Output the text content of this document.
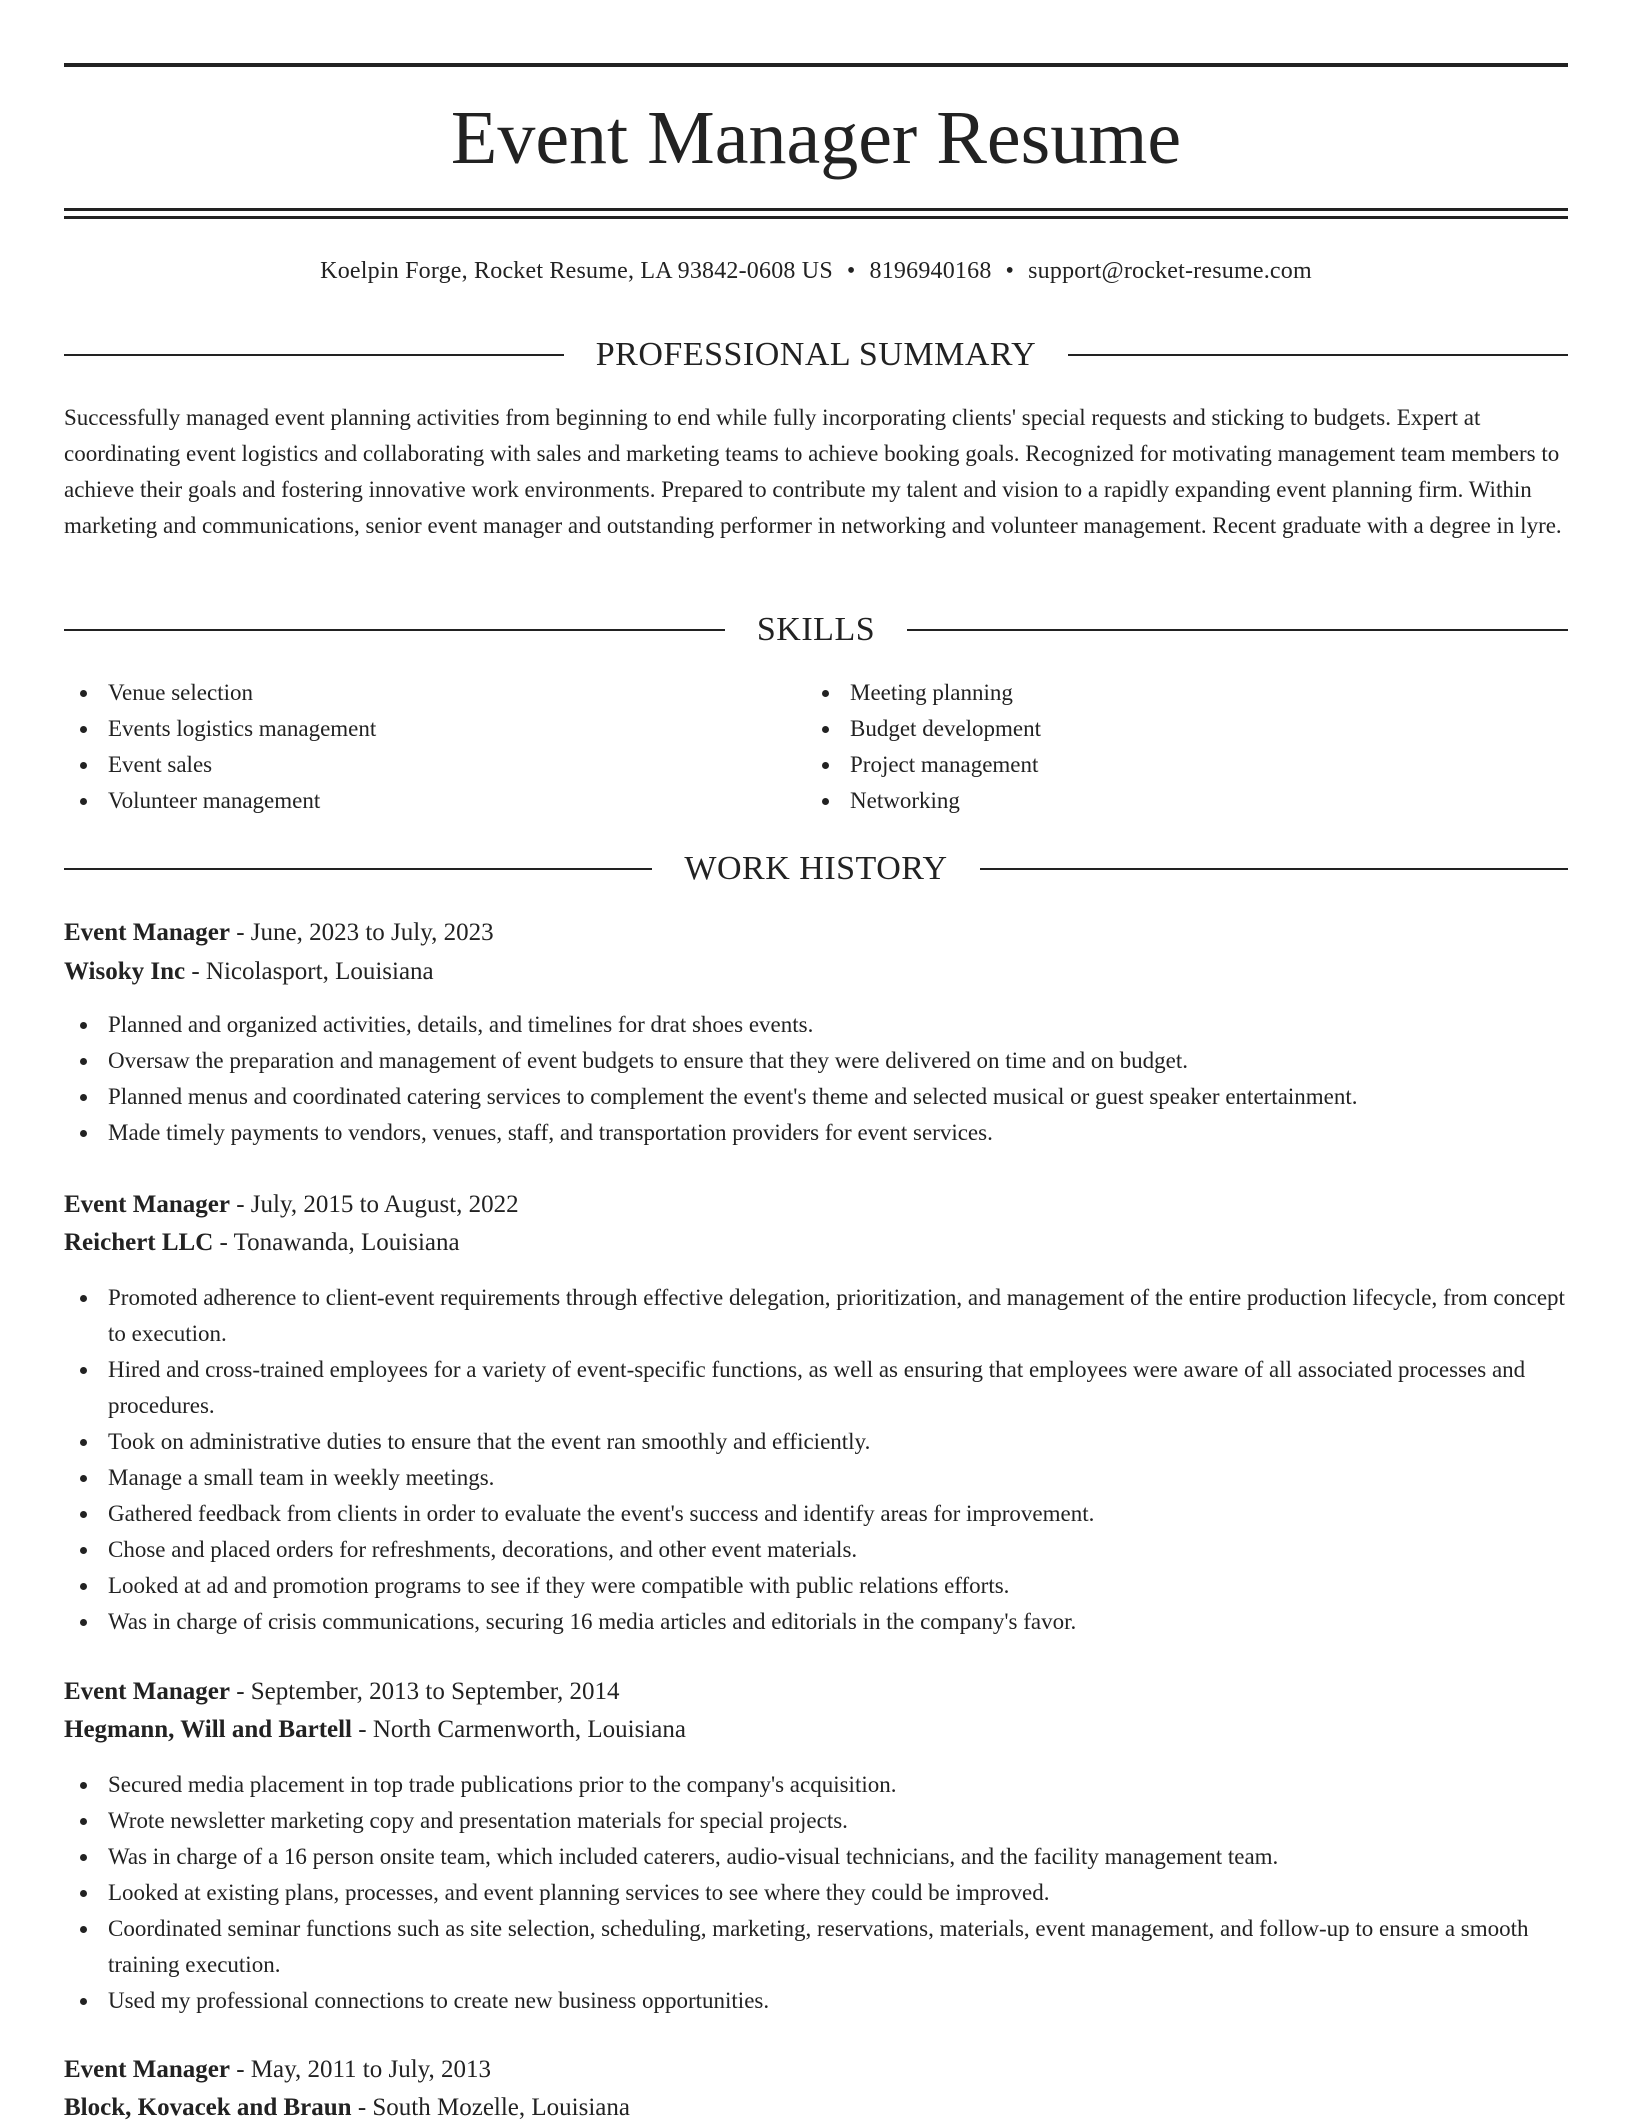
Event Manager Resume
Koelpin Forge, Rocket Resume, LA 93842-0608 US • 8196940168 • support@rocket-resume.com
PROFESSIONAL SUMMARY

Successfully managed event planning activities from beginning to end while fully incorporating clients' special requests and sticking to budgets. Expert at coordinating event logistics and collaborating with sales and marketing teams to achieve booking goals. Recognized for motivating management team members to achieve their goals and fostering innovative work environments. Prepared to contribute my talent and vision to a rapidly expanding event planning firm. Within marketing and communications, senior event manager and outstanding performer in networking and volunteer management. Recent graduate with a degree in lyre.

SKILLS
Venue selection
Events logistics management
Event sales
Volunteer management
Meeting planning
Budget development
Project management
Networking
WORK HISTORY
Event Manager - June, 2023 to July, 2023
Wisoky Inc - Nicolasport, Louisiana
Planned and organized activities, details, and timelines for drat shoes events.
Oversaw the preparation and management of event budgets to ensure that they were delivered on time and on budget.
Planned menus and coordinated catering services to complement the event's theme and selected musical or guest speaker entertainment.
Made timely payments to vendors, venues, staff, and transportation providers for event services.
Event Manager - July, 2015 to August, 2022
Reichert LLC - Tonawanda, Louisiana
Promoted adherence to client-event requirements through effective delegation, prioritization, and management of the entire production lifecycle, from concept to execution.
Hired and cross-trained employees for a variety of event-specific functions, as well as ensuring that employees were aware of all associated processes and procedures.
Took on administrative duties to ensure that the event ran smoothly and efficiently.
Manage a small team in weekly meetings.
Gathered feedback from clients in order to evaluate the event's success and identify areas for improvement.
Chose and placed orders for refreshments, decorations, and other event materials.
Looked at ad and promotion programs to see if they were compatible with public relations efforts.
Was in charge of crisis communications, securing 16 media articles and editorials in the company's favor.
Event Manager - September, 2013 to September, 2014
Hegmann, Will and Bartell - North Carmenworth, Louisiana
Secured media placement in top trade publications prior to the company's acquisition.
Wrote newsletter marketing copy and presentation materials for special projects.
Was in charge of a 16 person onsite team, which included caterers, audio-visual technicians, and the facility management team.
Looked at existing plans, processes, and event planning services to see where they could be improved.
Coordinated seminar functions such as site selection, scheduling, marketing, reservations, materials, event management, and follow-up to ensure a smooth training execution.
Used my professional connections to create new business opportunities.
Event Manager - May, 2011 to July, 2013
Block, Kovacek and Braun - South Mozelle, Louisiana
